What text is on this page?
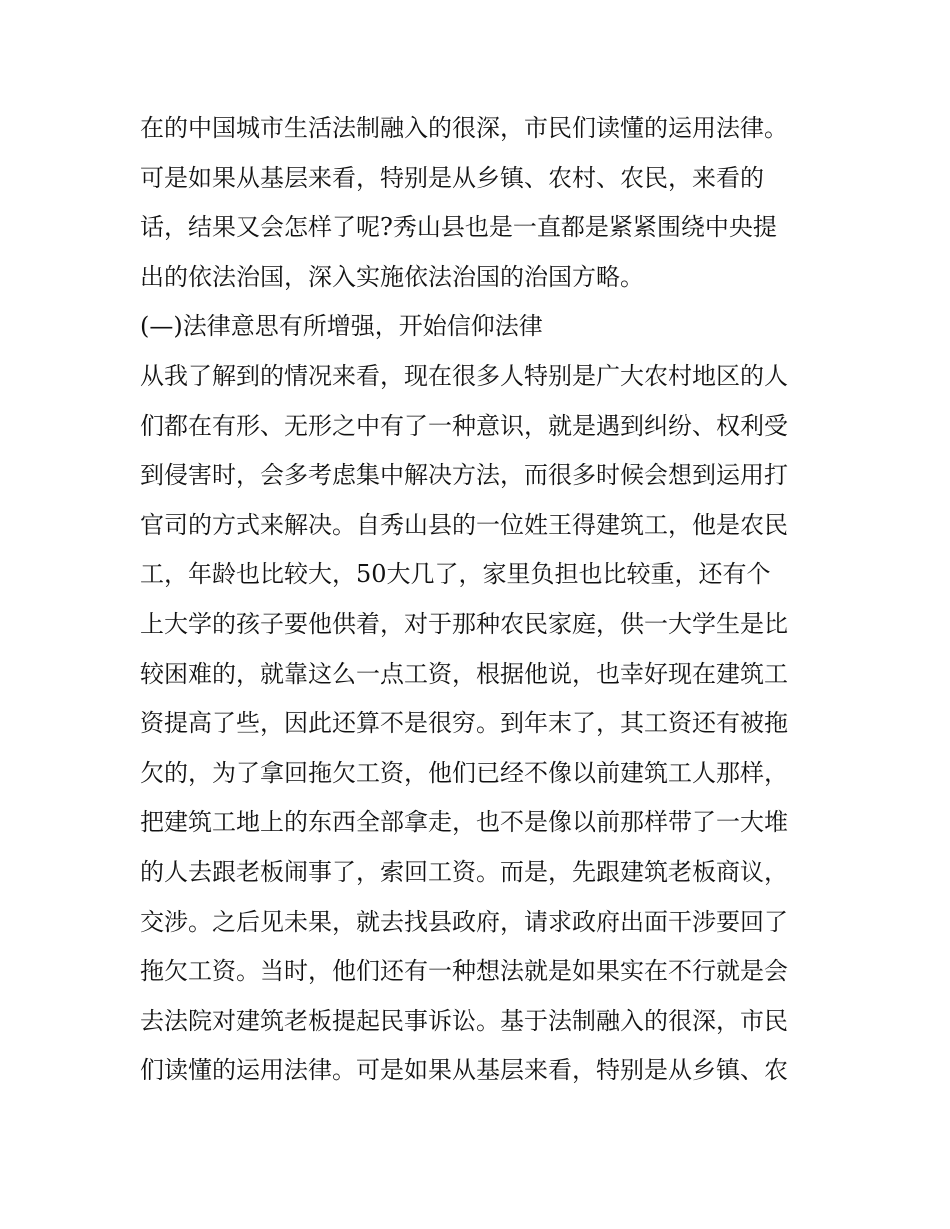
在的中国城市生活法制融入的很深，市民们读懂的运用法律。
可是如果从基层来看，特别是从乡镇、农村、农民，来看的
话，结果又会怎样了呢?秀山县也是一直都是紧紧围绕中央提
出的依法治国，深入实施依法治国的治国方略。
(—)法律意思有所增强，开始信仰法律
从我了解到的情况来看，现在很多人特别是广大农村地区的人
们都在有形、无形之中有了一种意识，就是遇到纠纷、权利受
到侵害时，会多考虑集中解决方法，而很多时候会想到运用打
官司的方式来解决。自秀山县的一位姓王得建筑工，他是农民
工，年龄也比较大，50大几了，家里负担也比较重，还有个
上大学的孩子要他供着，对于那种农民家庭，供一大学生是比
较困难的，就靠这么一点工资，根据他说，也幸好现在建筑工
资提高了些，因此还算不是很穷。到年末了，其工资还有被拖
欠的，为了拿回拖欠工资，他们已经不像以前建筑工人那样，
把建筑工地上的东西全部拿走，也不是像以前那样带了一大堆
的人去跟老板闹事了，索回工资。而是，先跟建筑老板商议，
交涉。之后见未果，就去找县政府，请求政府出面干涉要回了
拖欠工资。当时，他们还有一种想法就是如果实在不行就是会
去法院对建筑老板提起民事诉讼。基于法制融入的很深，市民
们读懂的运用法律。可是如果从基层来看，特别是从乡镇、农
